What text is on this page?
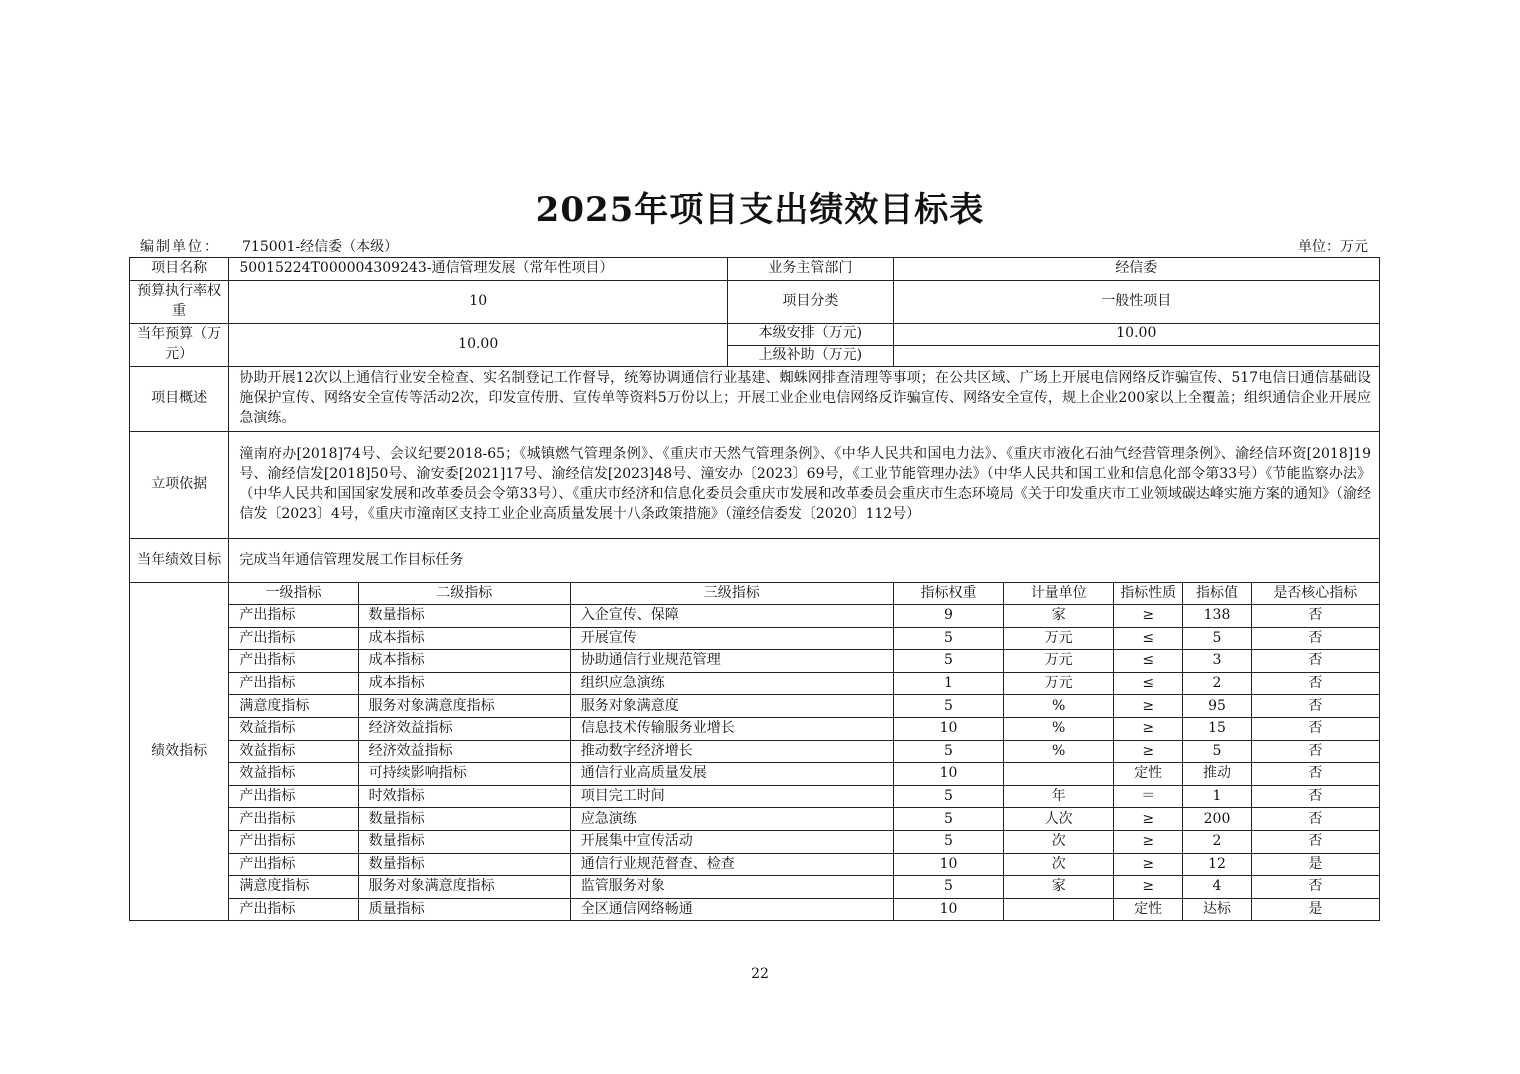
2025年项目支出绩效目标表
编制单位： 715001-经信委（本级）	单位：万元
项目名称	50015224T000004309243-通信管理发展（常年性项目）			业务主管部门	经信委				
预算执行率权重	10			项目分类	一般性项目				
当年预算（万元）	10.00			本级安排（万元)	10.00				
				上级补助（万元)					
项目概述	协助开展12次以上通信行业安全检查、实名制登记工作督导，统筹协调通信行业基建、蜘蛛网排查清理等事项；在公共区域、广场上开展电信网络反诈骗宣传、517电信日通信基础设施保护宣传、网络安全宣传等活动2次，印发宣传册、宣传单等资料5万份以上；开展工业企业电信网络反诈骗宣传、网络安全宣传，规上企业200家以上全覆盖；组织通信企业开展应急演练。								
立项依据	潼南府办[2018]74号、会议纪要2018-65；《城镇燃气管理条例》、《重庆市天然气管理条例》、《中华人民共和国电力法》、《重庆市液化石油气经营管理条例》、渝经信环资[2018]19号、渝经信发[2018]50号、渝安委[2021]17号、渝经信发[2023]48号、潼安办〔2023〕69号，《工业节能管理办法》（中华人民共和国工业和信息化部令第33号）《节能监察办法》（中华人民共和国国家发展和改革委员会令第33号）、《重庆市经济和信息化委员会重庆市发展和改革委员会重庆市生态环境局《关于印发重庆市工业领域碳达峰实施方案的通知》（渝经信发〔2023〕4号，《重庆市潼南区支持工业企业高质量发展十八条政策措施》（潼经信委发〔2020〕112号）								
当年绩效目标	完成当年通信管理发展工作目标任务								
绩效指标	一级指标	二级指标	三级指标		指标权重	计量单位	指标性质	指标值	是否核心指标
	产出指标	数量指标	入企宣传、保障		9	家	≥	138	否
	产出指标	成本指标	开展宣传		5	万元	≤	5	否
	产出指标	成本指标	协助通信行业规范管理		5	万元	≤	3	否
	产出指标	成本指标	组织应急演练		1	万元	≤	2	否
	满意度指标	服务对象满意度指标	服务对象满意度		5	%	≥	95	否
	效益指标	经济效益指标	信息技术传输服务业增长		10	%	≥	15	否
	效益指标	经济效益指标	推动数字经济增长		5	%	≥	5	否
	效益指标	可持续影响指标	通信行业高质量发展		10		定性	推动	否
	产出指标	时效指标	项目完工时间		5	年	＝	1	否
	产出指标	数量指标	应急演练		5	人次	≥	200	否
	产出指标	数量指标	开展集中宣传活动		5	次	≥	2	否
	产出指标	数量指标	通信行业规范督查、检查		10	次	≥	12	是
	满意度指标	服务对象满意度指标	监管服务对象		5	家	≥	4	否
	产出指标	质量指标	全区通信网络畅通		10		定性	达标	是
22
